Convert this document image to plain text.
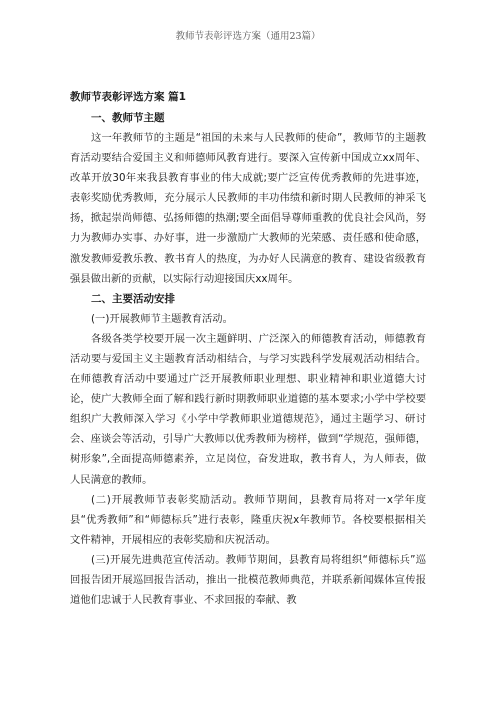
教师节表彰评选方案（通用23篇）
教师节表彰评选方案 篇1

一、教师节主题

这一年教师节的主题是“祖国的未来与人民教师的使命”，教师节的主题教育活动要结合爱国主义和师德师风教育进行。要深入宣传新中国成立xx周年、改革开放30年来我县教育事业的伟大成就;要广泛宣传优秀教师的先进事迹，表彰奖励优秀教师，充分展示人民教师的丰功伟绩和新时期人民教师的神采飞扬，掀起崇尚师德、弘扬师德的热潮;要全面倡导尊师重教的优良社会风尚，努力为教师办实事、办好事，进一步激励广大教师的光荣感、责任感和使命感，激发教师爱教乐教、教书育人的热度，为办好人民满意的教育、建设省级教育强县做出新的贡献，以实际行动迎接国庆xx周年。

二、主要活动安排

(一)开展教师节主题教育活动。

各级各类学校要开展一次主题鲜明、广泛深入的师德教育活动，师德教育活动要与爱国主义主题教育活动相结合，与学习实践科学发展观活动相结合。在师德教育活动中要通过广泛开展教师职业理想、职业精神和职业道德大讨论，使广大教师全面了解和践行新时期教师职业道德的基本要求;小学中学校要组织广大教师深入学习《小学中学教师职业道德规范》，通过主题学习、研讨会、座谈会等活动，引导广大教师以优秀教师为榜样，做到“学规范，强师德，树形象”,全面提高师德素养，立足岗位，奋发进取，教书育人，为人师表，做人民满意的教师。

(二)开展教师节表彰奖励活动。教师节期间，县教育局将对一x学年度县“优秀教师”和“师德标兵”进行表彰，隆重庆祝x年教师节。各校要根据相关文件精神，开展相应的表彰奖励和庆祝活动。

(三)开展先进典范宣传活动。教师节期间，县教育局将组织“师德标兵”巡回报告团开展巡回报告活动，推出一批模范教师典范，并联系新闻媒体宣传报道他们忠诚于人民教育事业、不求回报的奉献、教
